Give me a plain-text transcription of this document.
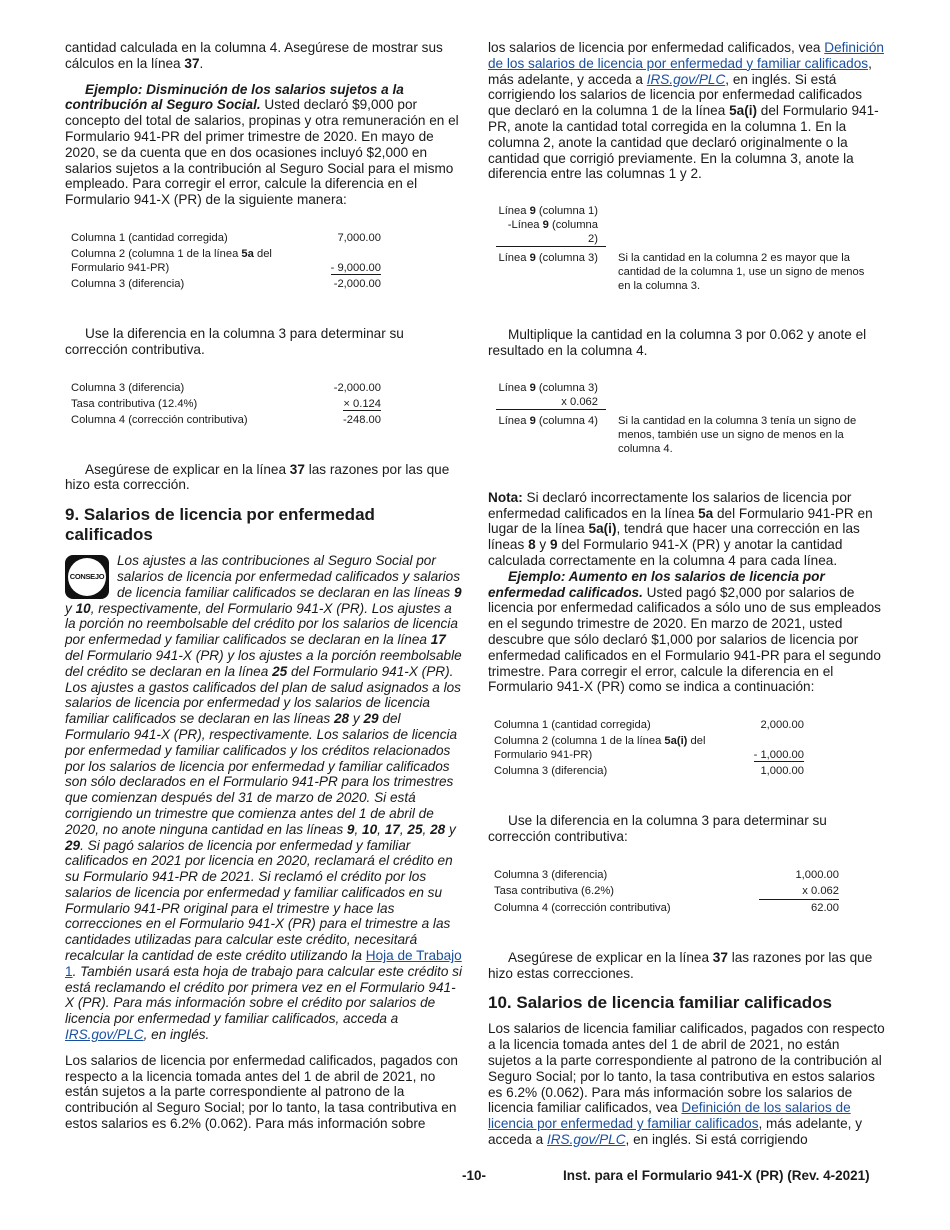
cantidad calculada en la columna 4. Asegúrese de mostrar sus cálculos en la línea 37.

Ejemplo: Disminución de los salarios sujetos a la contribución al Seguro Social. Usted declaró $9,000 por concepto del total de salarios, propinas y otra remuneración en el Formulario 941-PR del primer trimestre de 2020. En mayo de 2020, se da cuenta que en dos ocasiones incluyó $2,000 en salarios sujetos a la contribución al Seguro Social para el mismo empleado. Para corregir el error, calcule la diferencia en el Formulario 941-X (PR) de la siguiente manera:

Columna 1 (cantidad corregida)	7,000.00
Columna 2 (columna 1 de la línea 5a del
Formulario 941-PR)	- 9,000.00
Columna 3 (diferencia)	-2,000.00

Use la diferencia en la columna 3 para determinar su corrección contributiva.

Columna 3 (diferencia)	-2,000.00
Tasa contributiva (12.4%)	× 0.124
Columna 4 (corrección contributiva)	-248.00

Asegúrese de explicar en la línea 37 las razones por las que hizo esta corrección.

9. Salarios de licencia por enfermedad calificados
CONSEJO

Los ajustes a las contribuciones al Seguro Social por salarios de licencia por enfermedad calificados y salarios de licencia familiar calificados se declaran en las líneas 9 y 10, respectivamente, del Formulario 941-X (PR). Los ajustes a la porción no reembolsable del crédito por los salarios de licencia por enfermedad y familiar calificados se declaran en la línea 17 del Formulario 941-X (PR) y los ajustes a la porción reembolsable del crédito se declaran en la línea 25 del Formulario 941-X (PR). Los ajustes a gastos calificados del plan de salud asignados a los salarios de licencia por enfermedad y los salarios de licencia familiar calificados se declaran en las líneas 28 y 29 del Formulario 941-X (PR), respectivamente. Los salarios de licencia por enfermedad y familiar calificados y los créditos relacionados por los salarios de licencia por enfermedad y familiar calificados son sólo declarados en el Formulario 941-PR para los trimestres que comienzan después del 31 de marzo de 2020. Si está corrigiendo un trimestre que comienza antes del 1 de abril de 2020, no anote ninguna cantidad en las líneas 9, 10, 17, 25, 28 y 29. Si pagó salarios de licencia por enfermedad y familiar calificados en 2021 por licencia en 2020, reclamará el crédito en su Formulario 941-PR de 2021. Si reclamó el crédito por los salarios de licencia por enfermedad y familiar calificados en su Formulario 941-PR original para el trimestre y hace las correcciones en el Formulario 941-X (PR) para el trimestre a las cantidades utilizadas para calcular este crédito, necesitará recalcular la cantidad de este crédito utilizando la Hoja de Trabajo 1. También usará esta hoja de trabajo para calcular este crédito si está reclamando el crédito por primera vez en el Formulario 941-X (PR). Para más información sobre el crédito por salarios de licencia por enfermedad y familiar calificados, acceda a IRS.gov/PLC, en inglés.

Los salarios de licencia por enfermedad calificados, pagados con respecto a la licencia tomada antes del 1 de abril de 2021, no están sujetos a la parte correspondiente al patrono de la contribución al Seguro Social; por lo tanto, la tasa contributiva en estos salarios es 6.2% (0.062). Para más información sobre

los salarios de licencia por enfermedad calificados, vea Definición de los salarios de licencia por enfermedad y familiar calificados, más adelante, y acceda a IRS.gov/PLC, en inglés. Si está corrigiendo los salarios de licencia por enfermedad calificados que declaró en la columna 1 de la línea 5a(i) del Formulario 941-PR, anote la cantidad total corregida en la columna 1. En la columna 2, anote la cantidad que declaró originalmente o la cantidad que corrigió previamente. En la columna 3, anote la diferencia entre las columnas 1 y 2.

Línea 9 (columna 1)
-Línea 9 (columna 2)
Línea 9 (columna 3)	Si la cantidad en la columna 2 es mayor que la cantidad de la columna 1, use un signo de menos en la columna 3.

Multiplique la cantidad en la columna 3 por 0.062 y anote el resultado en la columna 4.

Línea 9 (columna 3)
x 0.062
Línea 9 (columna 4)	Si la cantidad en la columna 3 tenía un signo de menos, también use un signo de menos en la columna 4.

Nota: Si declaró incorrectamente los salarios de licencia por enfermedad calificados en la línea 5a del Formulario 941-PR en lugar de la línea 5a(i), tendrá que hacer una corrección en las líneas 8 y 9 del Formulario 941-X (PR) y anotar la cantidad calculada correctamente en la columna 4 para cada línea.

Ejemplo: Aumento en los salarios de licencia por enfermedad calificados. Usted pagó $2,000 por salarios de licencia por enfermedad calificados a sólo uno de sus empleados en el segundo trimestre de 2020. En marzo de 2021, usted descubre que sólo declaró $1,000 por salarios de licencia por enfermedad calificados en el Formulario 941-PR para el segundo trimestre. Para corregir el error, calcule la diferencia en el Formulario 941-X (PR) como se indica a continuación:

Columna 1 (cantidad corregida)	2,000.00
Columna 2 (columna 1 de la línea 5a(i) del
Formulario 941-PR)	- 1,000.00
Columna 3 (diferencia)	1,000.00

Use la diferencia en la columna 3 para determinar su corrección contributiva:

Columna 3 (diferencia)	1,000.00
Tasa contributiva (6.2%)	x 0.062
Columna 4 (corrección contributiva)	62.00

Asegúrese de explicar en la línea 37 las razones por las que hizo estas correcciones.

10. Salarios de licencia familiar calificados

Los salarios de licencia familiar calificados, pagados con respecto a la licencia tomada antes del 1 de abril de 2021, no están sujetos a la parte correspondiente al patrono de la contribución al Seguro Social; por lo tanto, la tasa contributiva en estos salarios es 6.2% (0.062). Para más información sobre los salarios de licencia familiar calificados, vea Definición de los salarios de licencia por enfermedad y familiar calificados, más adelante, y acceda a IRS.gov/PLC, en inglés. Si está corrigiendo

-10-	Inst. para el Formulario 941-X (PR) (Rev. 4-2021)
